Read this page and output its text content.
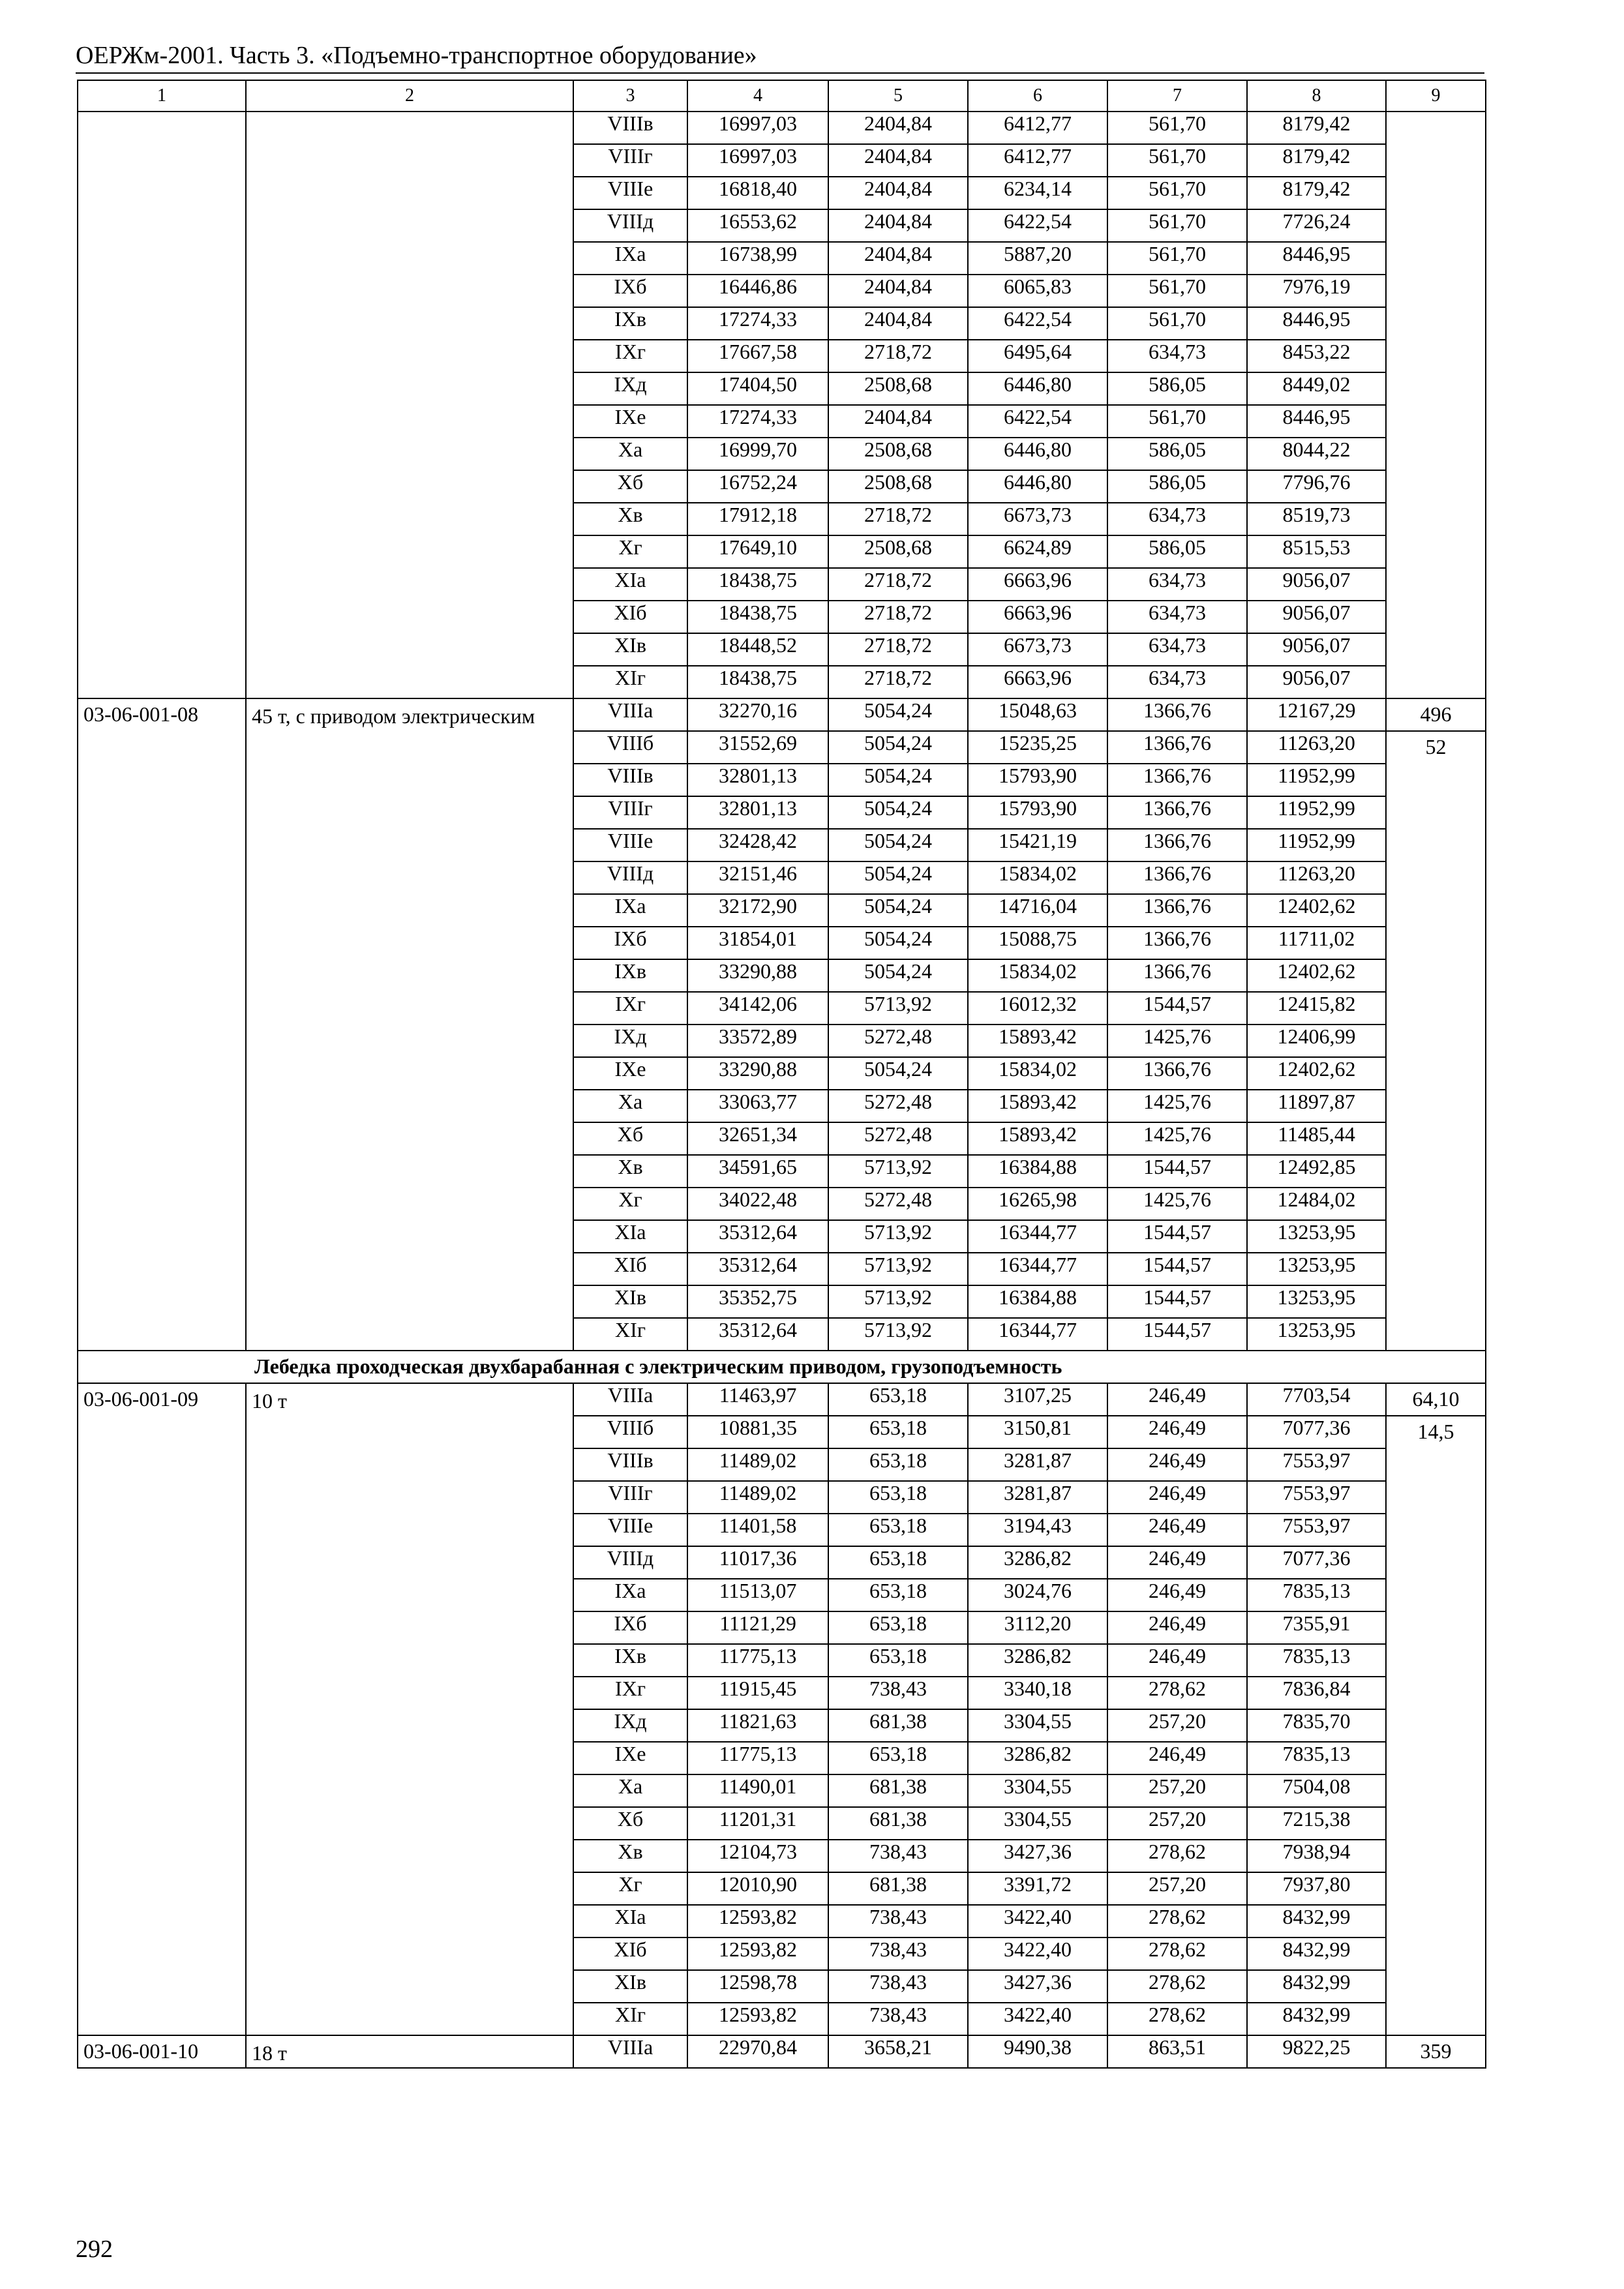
ОЕРЖм-2001. Часть 3. «Подъемно-транспортное оборудование»
1	2	3	4	5	6	7	8	9
		VIIIв	16997,03	2404,84	6412,77	561,70	8179,42	
		VIIIг	16997,03	2404,84	6412,77	561,70	8179,42	
		VIIIе	16818,40	2404,84	6234,14	561,70	8179,42	
		VIIIд	16553,62	2404,84	6422,54	561,70	7726,24	
		IXа	16738,99	2404,84	5887,20	561,70	8446,95	
		IXб	16446,86	2404,84	6065,83	561,70	7976,19	
		IXв	17274,33	2404,84	6422,54	561,70	8446,95	
		IXг	17667,58	2718,72	6495,64	634,73	8453,22	
		IXд	17404,50	2508,68	6446,80	586,05	8449,02	
		IXе	17274,33	2404,84	6422,54	561,70	8446,95	
		Xа	16999,70	2508,68	6446,80	586,05	8044,22	
		Xб	16752,24	2508,68	6446,80	586,05	7796,76	
		Xв	17912,18	2718,72	6673,73	634,73	8519,73	
		Xг	17649,10	2508,68	6624,89	586,05	8515,53	
		XIа	18438,75	2718,72	6663,96	634,73	9056,07	
		XIб	18438,75	2718,72	6663,96	634,73	9056,07	
		XIв	18448,52	2718,72	6673,73	634,73	9056,07	
		XIг	18438,75	2718,72	6663,96	634,73	9056,07	
03-06-001-08	45 т, с приводом электрическим	VIIIа	32270,16	5054,24	15048,63	1366,76	12167,29	496
		VIIIб	31552,69	5054,24	15235,25	1366,76	11263,20	52
		VIIIв	32801,13	5054,24	15793,90	1366,76	11952,99	
		VIIIг	32801,13	5054,24	15793,90	1366,76	11952,99	
		VIIIе	32428,42	5054,24	15421,19	1366,76	11952,99	
		VIIIд	32151,46	5054,24	15834,02	1366,76	11263,20	
		IXа	32172,90	5054,24	14716,04	1366,76	12402,62	
		IXб	31854,01	5054,24	15088,75	1366,76	11711,02	
		IXв	33290,88	5054,24	15834,02	1366,76	12402,62	
		IXг	34142,06	5713,92	16012,32	1544,57	12415,82	
		IXд	33572,89	5272,48	15893,42	1425,76	12406,99	
		IXе	33290,88	5054,24	15834,02	1366,76	12402,62	
		Xа	33063,77	5272,48	15893,42	1425,76	11897,87	
		Xб	32651,34	5272,48	15893,42	1425,76	11485,44	
		Xв	34591,65	5713,92	16384,88	1544,57	12492,85	
		Xг	34022,48	5272,48	16265,98	1425,76	12484,02	
		XIа	35312,64	5713,92	16344,77	1544,57	13253,95	
		XIб	35312,64	5713,92	16344,77	1544,57	13253,95	
		XIв	35352,75	5713,92	16384,88	1544,57	13253,95	
		XIг	35312,64	5713,92	16344,77	1544,57	13253,95	
Лебедка проходческая двухбарабанная с электрическим приводом, грузоподъемность								
03-06-001-09	10 т	VIIIа	11463,97	653,18	3107,25	246,49	7703,54	64,10
		VIIIб	10881,35	653,18	3150,81	246,49	7077,36	14,5
		VIIIв	11489,02	653,18	3281,87	246,49	7553,97	
		VIIIг	11489,02	653,18	3281,87	246,49	7553,97	
		VIIIе	11401,58	653,18	3194,43	246,49	7553,97	
		VIIIд	11017,36	653,18	3286,82	246,49	7077,36	
		IXа	11513,07	653,18	3024,76	246,49	7835,13	
		IXб	11121,29	653,18	3112,20	246,49	7355,91	
		IXв	11775,13	653,18	3286,82	246,49	7835,13	
		IXг	11915,45	738,43	3340,18	278,62	7836,84	
		IXд	11821,63	681,38	3304,55	257,20	7835,70	
		IXе	11775,13	653,18	3286,82	246,49	7835,13	
		Xа	11490,01	681,38	3304,55	257,20	7504,08	
		Xб	11201,31	681,38	3304,55	257,20	7215,38	
		Xв	12104,73	738,43	3427,36	278,62	7938,94	
		Xг	12010,90	681,38	3391,72	257,20	7937,80	
		XIа	12593,82	738,43	3422,40	278,62	8432,99	
		XIб	12593,82	738,43	3422,40	278,62	8432,99	
		XIв	12598,78	738,43	3427,36	278,62	8432,99	
		XIг	12593,82	738,43	3422,40	278,62	8432,99	
03-06-001-10	18 т	VIIIа	22970,84	3658,21	9490,38	863,51	9822,25	359
292
